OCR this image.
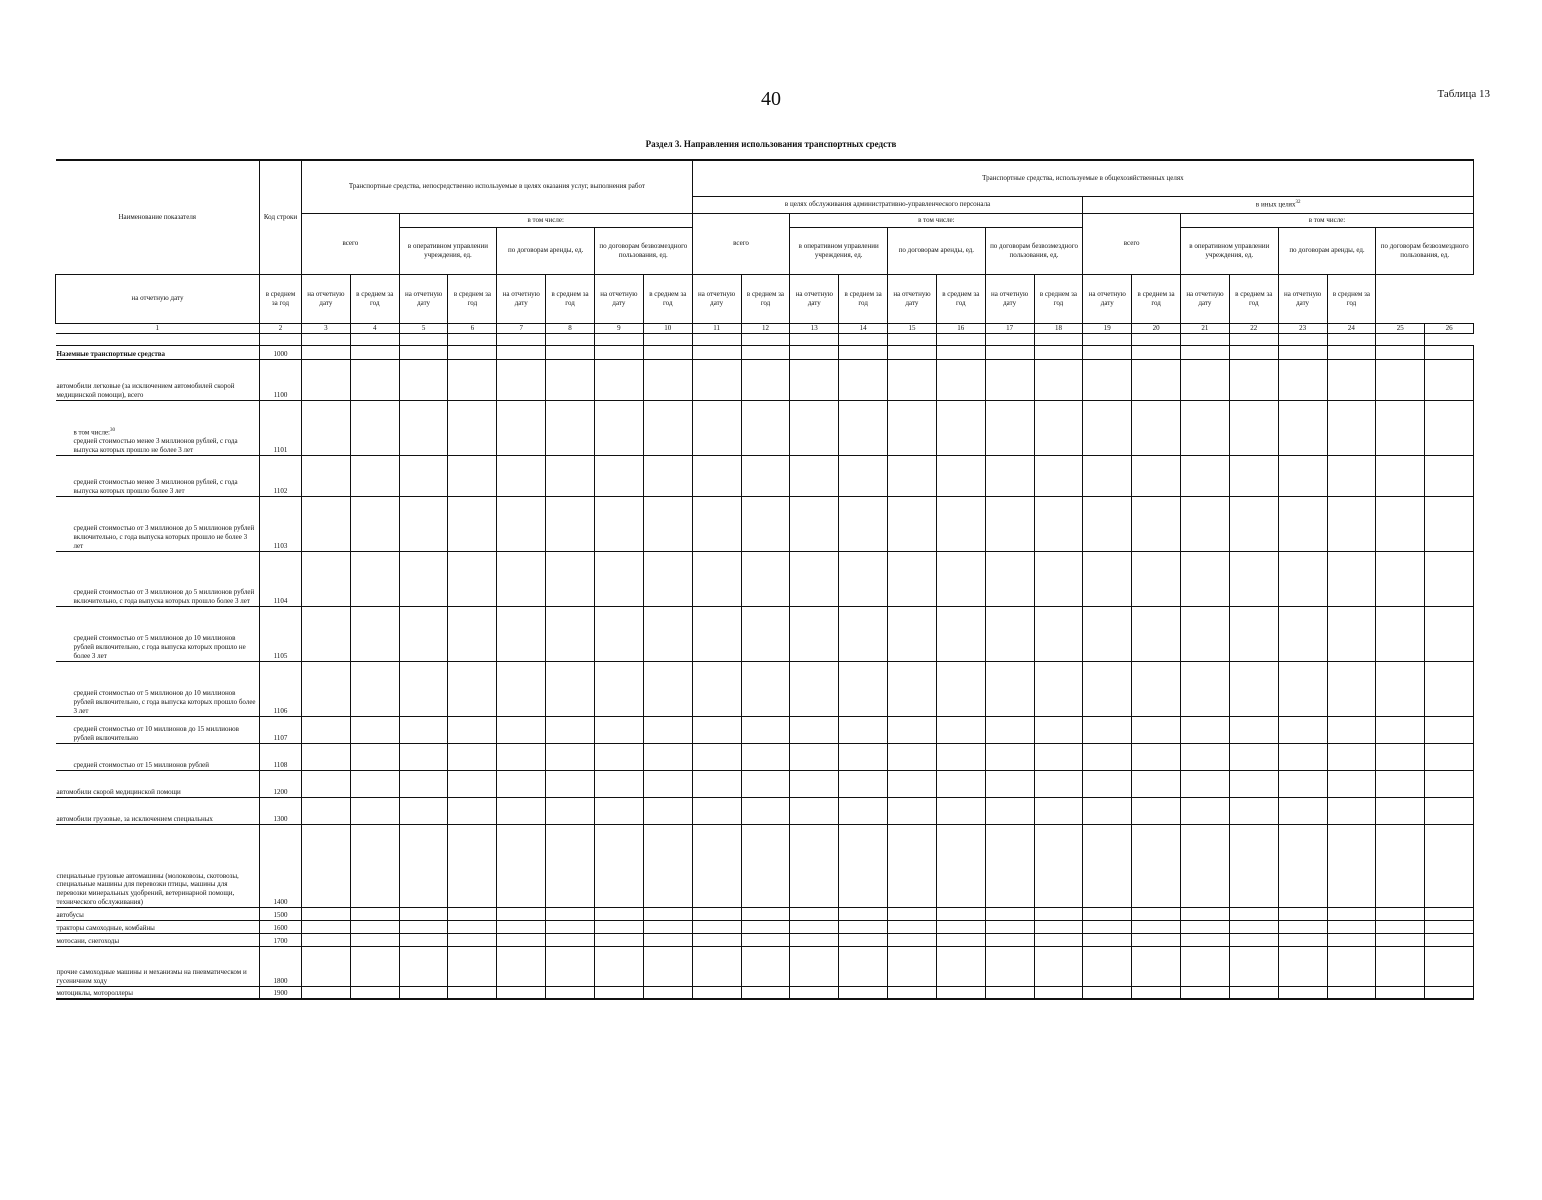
40	Таблица 13
Раздел 3. Направления использования транспортных средств
Наименование показателя	Код строки	Транспортные средства, непосредственно используемые в целях оказания услуг, выполнения работ								Транспортные средства, используемые в общехозяйственных целях															
										в целях обслуживания административно-управленческого персонала								в иных целях$^{32}$
		всего		в том числе:						всего		в том числе:						всего		в том числе:					
				в оперативном управлении учреждения, ед.		по договорам аренды, ед.		по договорам безвозмездного пользования, ед.				в оперативном управлении учреждения, ед.		по договорам аренды, ед.		по договорам безвозмездного пользования, ед.				в оперативном управлении учреждения, ед.		по договорам аренды, ед.		по договорам безвозмездного пользования, ед.	
на отчетную дату	в среднем за год	на отчетную дату	в среднем за год	на отчетную дату	в среднем за год	на отчетную дату	в среднем за год	на отчетную дату	в среднем за год	на отчетную дату	в среднем за год	на отчетную дату	в среднем за год	на отчетную дату	в среднем за год	на отчетную дату	в среднем за год	на отчетную дату	в среднем за год	на отчетную дату	в среднем за год	на отчетную дату	в среднем за год		
1	2	3	4	5	6	7	8	9	10	11	12	13	14	15	16	17	18	19	20	21	22	23	24	25	26

Наземные транспортные средства	1000																								
автомобили легковые (за исключением автомобилей скорой медицинской помощи), всего	1100																								
в том числе:$^{30}$
средней стоимостью менее 3 миллионов рублей, с года выпуска которых прошло не более 3 лет	1101																								
средней стоимостью менее 3 миллионов рублей, с года выпуска которых прошло более 3 лет	1102																								
средней стоимостью от 3 миллионов до 5 миллионов рублей включительно, с года выпуска которых прошло не более 3 лет	1103																								
средней стоимостью от 3 миллионов до 5 миллионов рублей включительно, с года выпуска которых прошло более 3 лет	1104																								
средней стоимостью от 5 миллионов до 10 миллионов рублей включительно, с года выпуска которых прошло не более 3 лет	1105																								
средней стоимостью от 5 миллионов до 10 миллионов рублей включительно, с года выпуска которых прошло более 3 лет	1106																								
средней стоимостью от 10 миллионов до 15 миллионов рублей включительно	1107																								
средней стоимостью от 15 миллионов рублей	1108																								
автомобили скорой медицинской помощи	1200																								
автомобили грузовые, за исключением специальных	1300																								
специальные грузовые автомашины (молоковозы, скотовозы, специальные машины для перевозки птицы, машины для перевозки минеральных удобрений, ветеринарной помощи, технического обслуживания)	1400																								
автобусы	1500																								
тракторы самоходные, комбайны	1600																								
мотосани, снегоходы	1700																								
прочие самоходные машины и механизмы на пневматическом и гусеничном ходу	1800																								
мотоциклы, мотороллеры	1900																								
